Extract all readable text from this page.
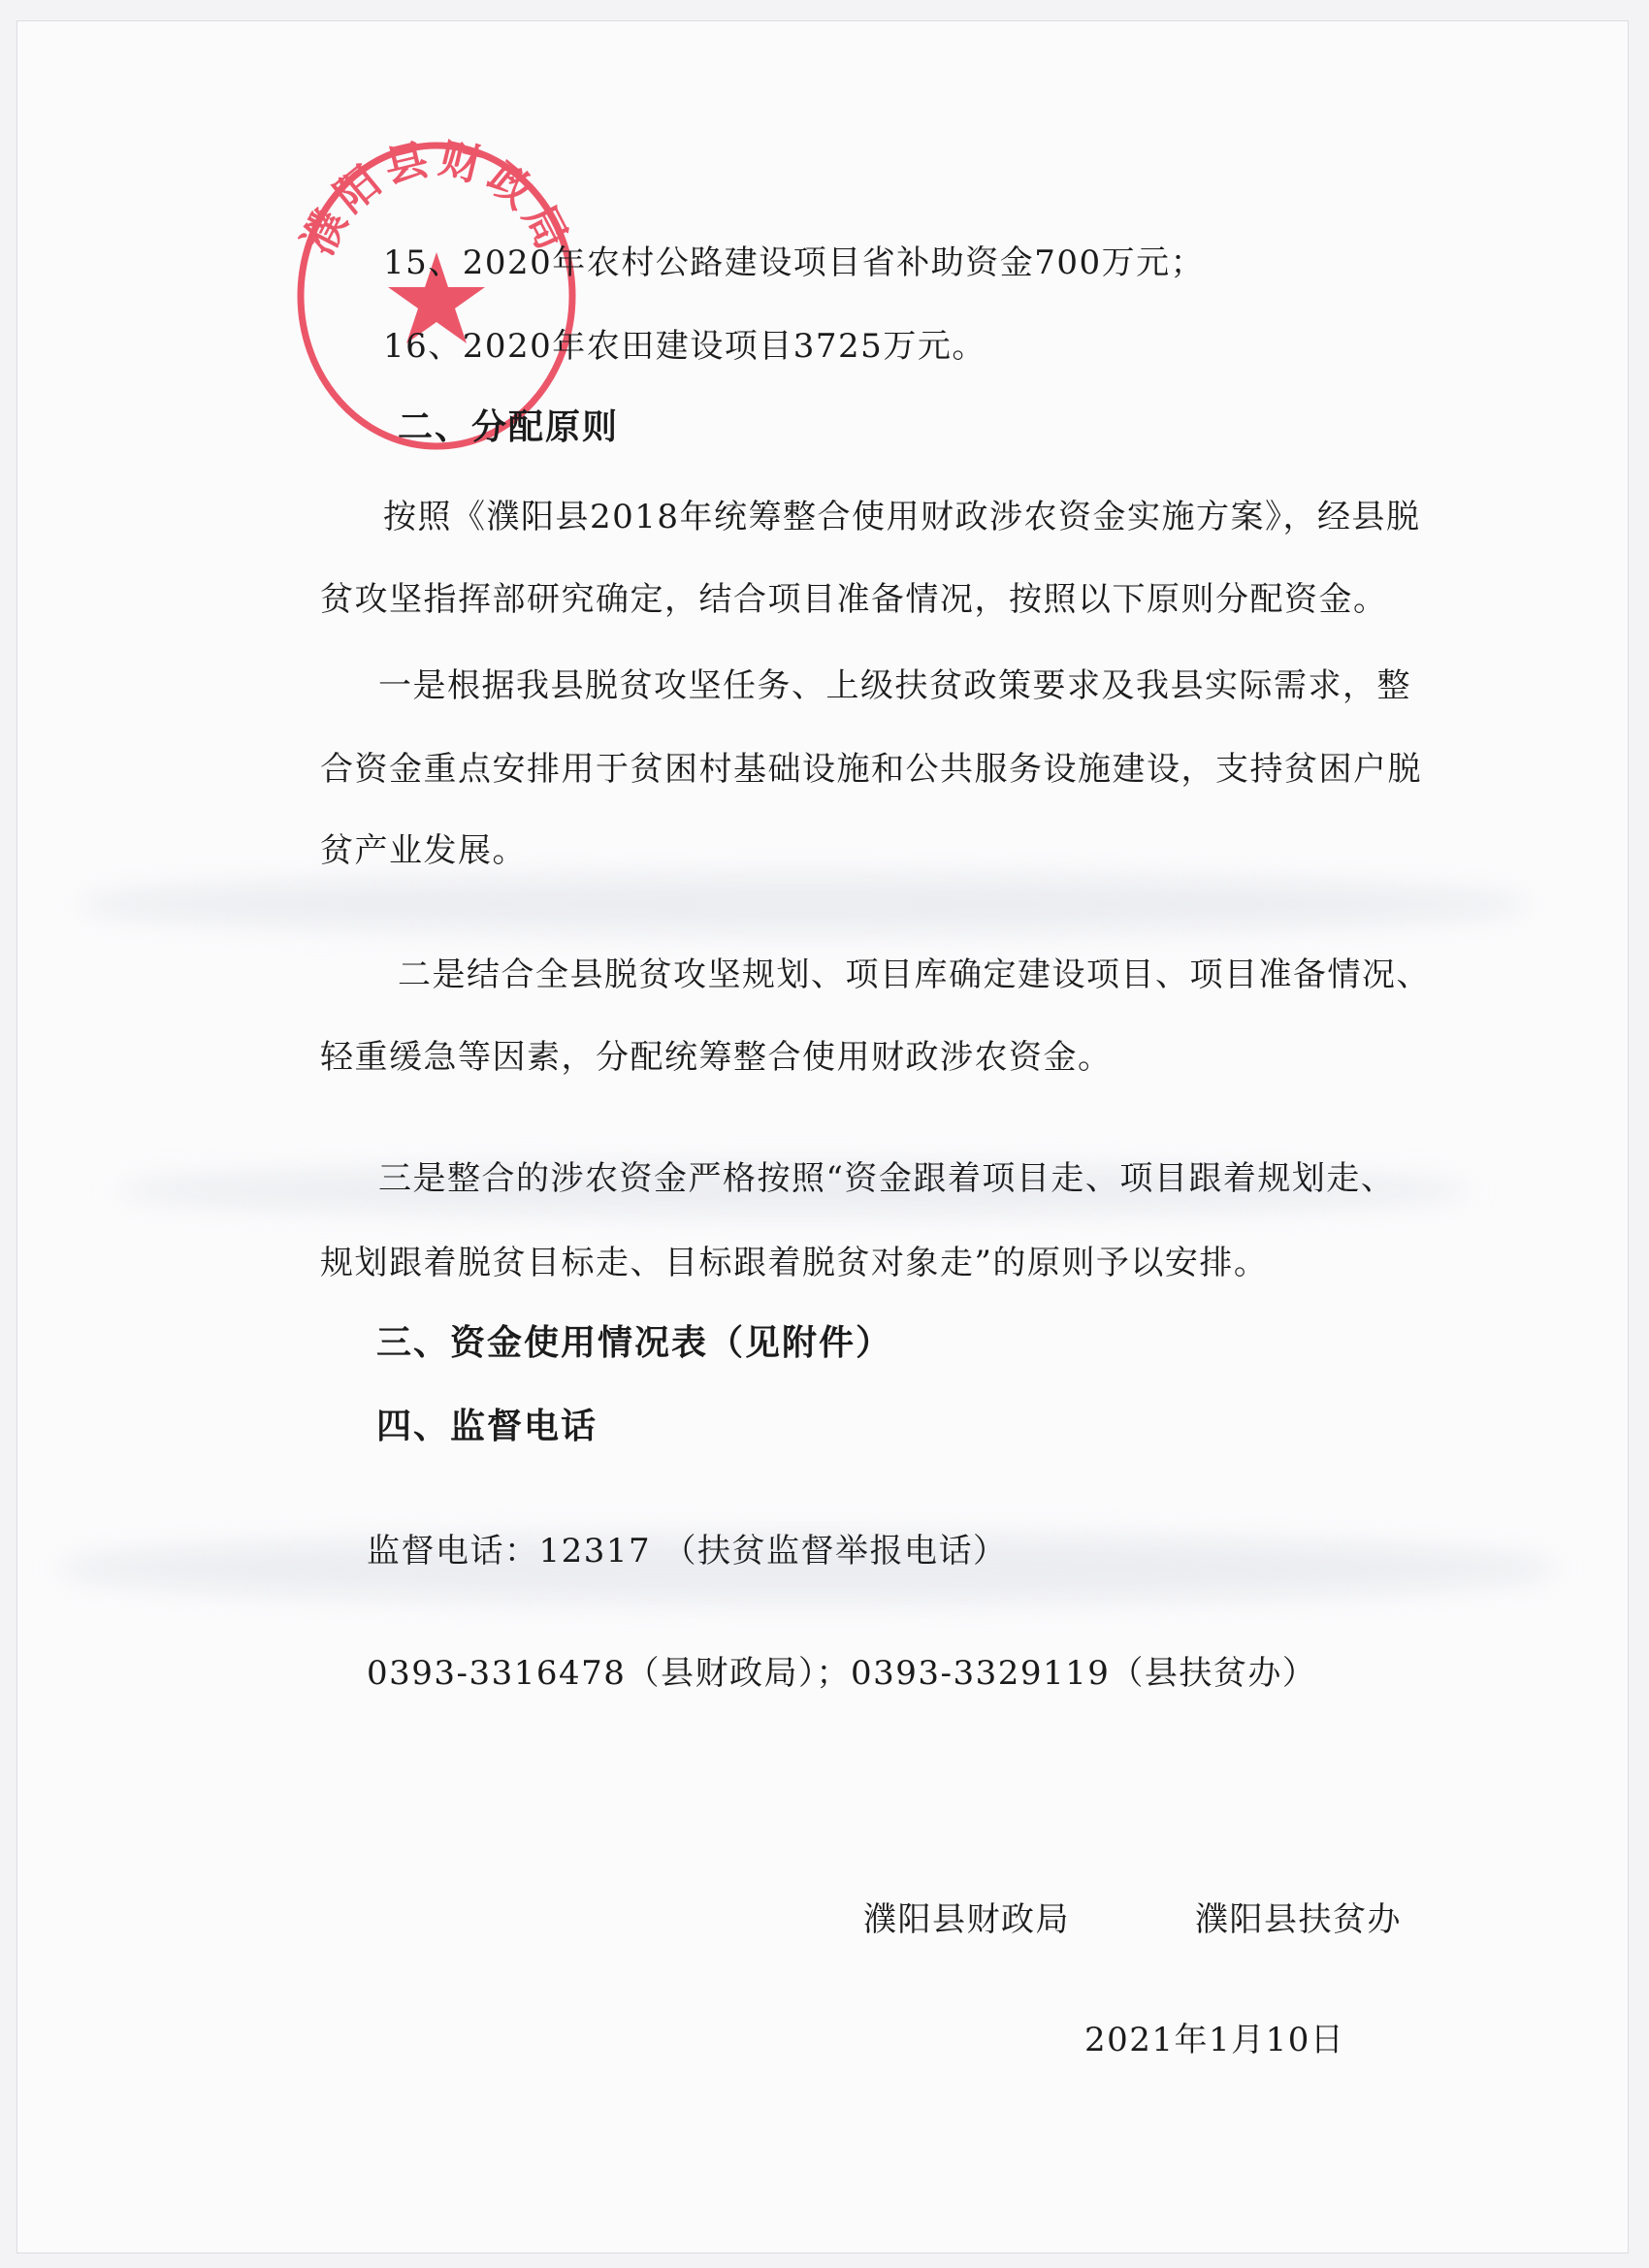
濮阳县财政局
15、2020年农村公路建设项目省补助资金700万元；
16、2020年农田建设项目3725万元。
二、分配原则
按照《濮阳县2018年统筹整合使用财政涉农资金实施方案》，经县脱
贫攻坚指挥部研究确定，结合项目准备情况，按照以下原则分配资金。
一是根据我县脱贫攻坚任务、上级扶贫政策要求及我县实际需求，整
合资金重点安排用于贫困村基础设施和公共服务设施建设，支持贫困户脱
贫产业发展。
二是结合全县脱贫攻坚规划、项目库确定建设项目、项目准备情况、
轻重缓急等因素，分配统筹整合使用财政涉农资金。
三是整合的涉农资金严格按照“资金跟着项目走、项目跟着规划走、
规划跟着脱贫目标走、目标跟着脱贫对象走”的原则予以安排。
三、资金使用情况表（见附件）
四、监督电话
监督电话：12317 （扶贫监督举报电话）
0393-3316478（县财政局）；0393-3329119（县扶贫办）
濮阳县财政局	濮阳县扶贫办
2021年1月10日
